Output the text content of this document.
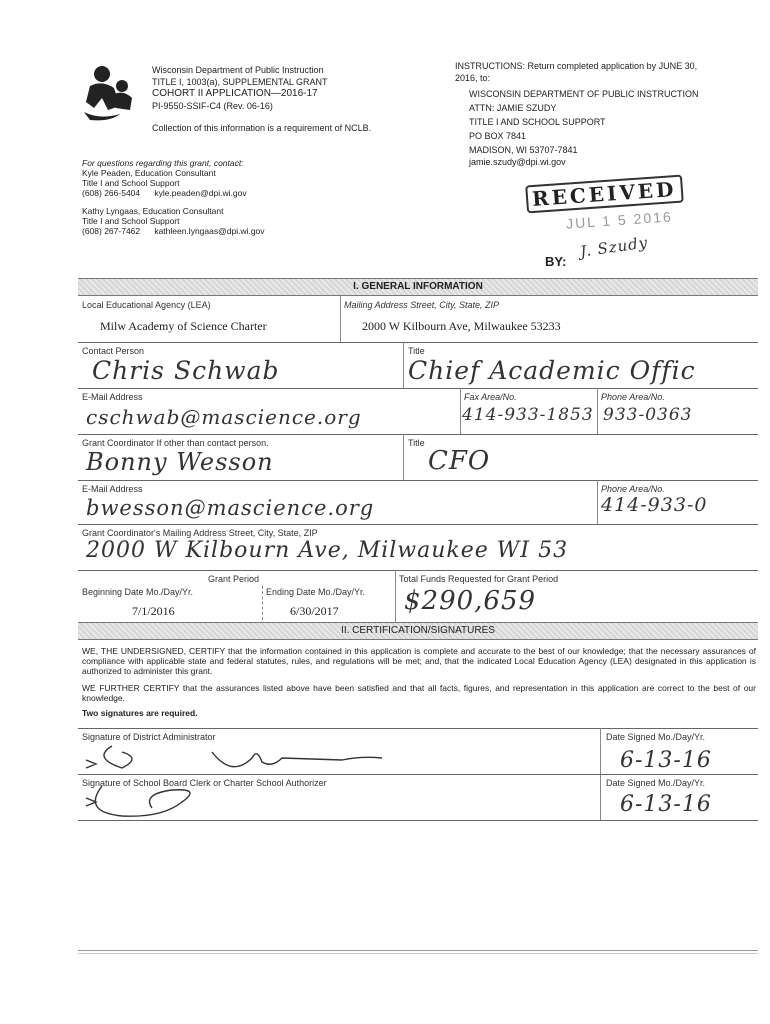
Wisconsin Department of Public Instruction
TITLE I, 1003(a), SUPPLEMENTAL GRANT
COHORT II APPLICATION—2016-17
PI-9550-SSIF-C4 (Rev. 06-16)
Collection of this information is a requirement of NCLB.
For questions regarding this grant, contact:
Kyle Peaden, Education Consultant
Title I and School Support
(608) 266-5404 kyle.peaden@dpi.wi.gov
Kathy Lyngaas, Education Consultant
Title I and School Support
(608) 267-7462 kathleen.lyngaas@dpi.wi.gov
INSTRUCTIONS: Return completed application by JUNE 30,
2016, to:
WISCONSIN DEPARTMENT OF PUBLIC INSTRUCTION
ATTN: JAMIE SZUDY
TITLE I AND SCHOOL SUPPORT
PO BOX 7841
MADISON, WI 53707-7841
jamie.szudy@dpi.wi.gov
RECEIVED
JUL 1 5 2016
BY:
J. Szudy
I. GENERAL INFORMATION
Local Educational Agency (LEA)
Milw Academy of Science Charter
Mailing Address Street, City, State, ZIP
2000 W Kilbourn Ave, Milwaukee 53233
Contact Person
Chris Schwab
Title
Chief Academic Offic
E-Mail Address
cschwab@mascience.org
Fax Area/No.
414-933-1853
Phone Area/No.
933-0363
Grant Coordinator If other than contact person.
Bonny Wesson
Title
CFO
E-Mail Address
bwesson@mascience.org
Phone Area/No.
414-933-0
Grant Coordinator's Mailing Address Street, City, State, ZIP
2000 W Kilbourn Ave, Milwaukee WI 53
Grant Period
Beginning Date Mo./Day/Yr.
7/1/2016
Ending Date Mo./Day/Yr.
6/30/2017
Total Funds Requested for Grant Period
$290,659
II. CERTIFICATION/SIGNATURES
WE, THE UNDERSIGNED, CERTIFY that the information contained in this application is complete and accurate to the best of our knowledge; that the necessary assurances of compliance with applicable state and federal statutes, rules, and regulations will be met; and, that the indicated Local Education Agency (LEA) designated in this application is authorized to administer this grant.
WE FURTHER CERTIFY that the assurances listed above have been satisfied and that all facts, figures, and representation in this application are correct to the best of our knowledge.
Two signatures are required.
Signature of District Administrator	Date Signed Mo./Day/Yr.
6-13-16
Signature of School Board Clerk or Charter School Authorizer	Date Signed Mo./Day/Yr.
6-13-16
